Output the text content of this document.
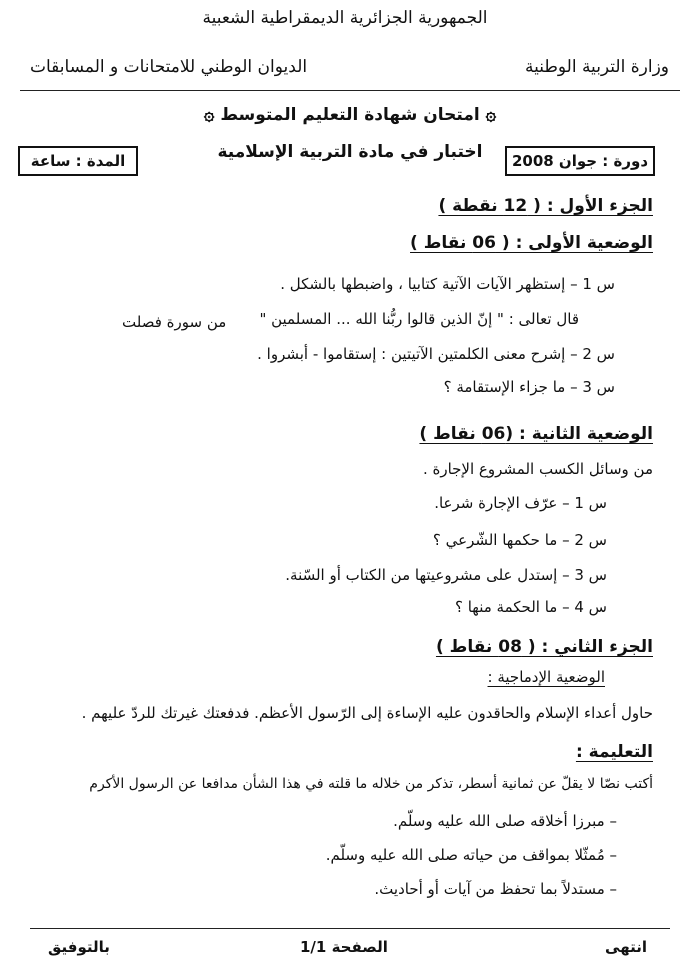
الجمهورية الجزائرية الديمقراطية الشعبية
وزارة التربية الوطنية
الديوان الوطني للامتحانات و المسابقات
۞ امتحان شهادة التعليم المتوسط ۞
اختبار في مادة التربية الإسلامية	دورة : جوان 2008
المدة : ساعة
الجزء الأول : ( 12 نقطة )
الوضعية الأولى : ( 06 نقاط )
س 1 – إستظهر الآيات الآتية كتابيا ، واضبطها بالشكل .
قال تعالى : " إنّ الذين قالوا ربُّنا الله ... المسلمين "
من سورة فصلت
س 2 – إشرح معنى الكلمتين الآتيتين : إستقاموا - أبشروا .
س 3 – ما جزاء الإستقامة ؟
الوضعية الثانية : (06 نقاط )
من وسائل الكسب المشروع الإجارة .
س 1 – عرّف الإجارة شرعا.
س 2 – ما حكمها الشّرعي ؟
س 3 – إستدل على مشروعيتها من الكتاب أو السّنة.
س 4 – ما الحكمة منها ؟
الجزء الثاني : ( 08 نقاط )
الوضعية الإدماجية :
حاول أعداء الإسلام والحاقدون عليه الإساءة إلى الرّسول الأعظم. فدفعتك غيرتك للردّ عليهم .
التعليمة :
أكتب نصّا لا يقلّ عن ثمانية أسطر، تذكر من خلاله ما قلته في هذا الشأن مدافعا عن الرسول الأكرم
– مبرزا أخلاقه صلى الله عليه وسلّم.
– مُمثّلا بمواقف من حياته صلى الله عليه وسلّم.
– مستدلاً بما تحفظ من آيات أو أحاديث.
انتهى
الصفحة 1/1
بالتوفيق
